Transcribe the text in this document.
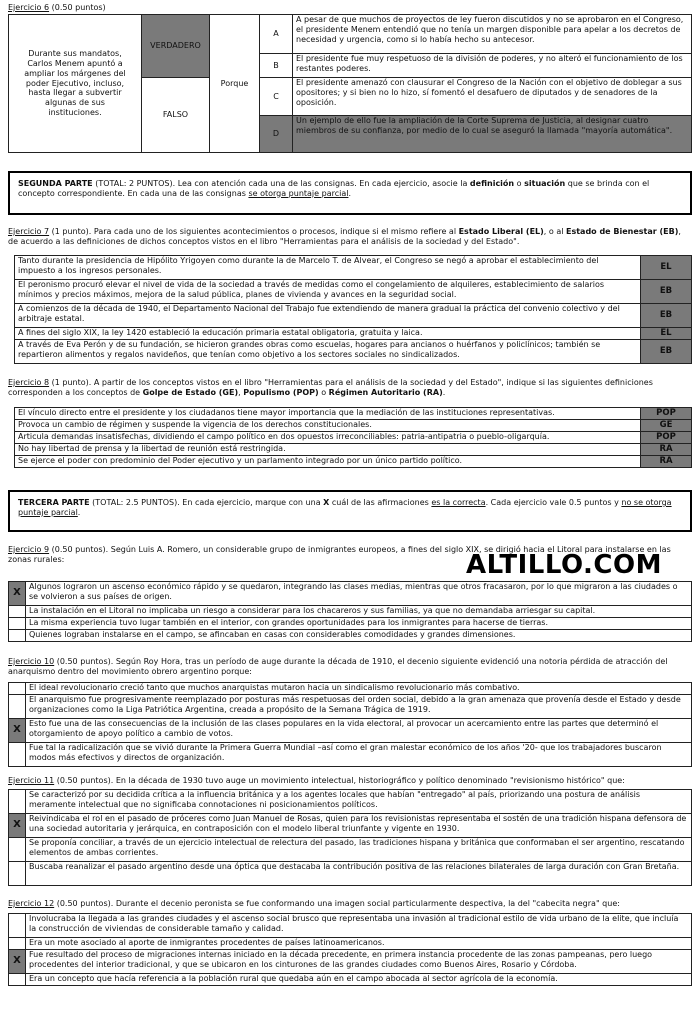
Ejercicio 6 (0.50 puntos)
Durante sus mandatos, Carlos Menem apuntó a ampliar los márgenes del poder Ejecutivo, incluso, hasta llegar a subvertir algunas de sus instituciones.	VERDADERO	Porque	A	A pesar de que muchos de proyectos de ley fueron discutidos y no se aprobaron en el Congreso, el presidente Menem entendió que no tenía un margen disponible para apelar a los decretos de necesidad y urgencia, como si lo había hecho su antecesor.
			B	El presidente fue muy respetuoso de la división de poderes, y no alteró el funcionamiento de los restantes poderes.
	FALSO		C	El presidente amenazó con clausurar el Congreso de la Nación con el objetivo de doblegar a sus opositores; y si bien no lo hizo, sí fomentó el desafuero de diputados y de senadores de la oposición.
			D	Un ejemplo de ello fue la ampliación de la Corte Suprema de Justicia, al designar cuatro miembros de su confianza, por medio de lo cual se aseguró la llamada "mayoría automática".
SEGUNDA PARTE (TOTAL: 2 PUNTOS). Lea con atención cada una de las consignas. En cada ejercicio, asocie la definición o situación que se brinda con el concepto correspondiente. En cada una de las consignas se otorga puntaje parcial.
Ejercicio 7 (1 punto). Para cada uno de los siguientes acontecimientos o procesos, indique si el mismo refiere al Estado Liberal (EL), o al Estado de Bienestar (EB), de acuerdo a las definiciones de dichos conceptos vistos en el libro "Herramientas para el análisis de la sociedad y del Estado".
Tanto durante la presidencia de Hipólito Yrigoyen como durante la de Marcelo T. de Alvear, el Congreso se negó a aprobar el establecimiento del impuesto a los ingresos personales.	EL
El peronismo procuró elevar el nivel de vida de la sociedad a través de medidas como el congelamiento de alquileres, establecimiento de salarios mínimos y precios máximos, mejora de la salud pública, planes de vivienda y avances en la seguridad social.	EB
A comienzos de la década de 1940, el Departamento Nacional del Trabajo fue extendiendo de manera gradual la práctica del convenio colectivo y del arbitraje estatal.	EB
A fines del siglo XIX, la ley 1420 estableció la educación primaria estatal obligatoria, gratuita y laica.	EL
A través de Eva Perón y de su fundación, se hicieron grandes obras como escuelas, hogares para ancianos o huérfanos y policlínicos; también se repartieron alimentos y regalos navideños, que tenían como objetivo a los sectores sociales no sindicalizados.	EB
Ejercicio 8 (1 punto). A partir de los conceptos vistos en el libro "Herramientas para el análisis de la sociedad y del Estado", indique si las siguientes definiciones corresponden a los conceptos de Golpe de Estado (GE), Populismo (POP) o Régimen Autoritario (RA).
El vínculo directo entre el presidente y los ciudadanos tiene mayor importancia que la mediación de las instituciones representativas.	POP
Provoca un cambio de régimen y suspende la vigencia de los derechos constitucionales.	GE
Articula demandas insatisfechas, dividiendo el campo político en dos opuestos irreconciliables: patria-antipatria o pueblo-oligarquía.	POP
No hay libertad de prensa y la libertad de reunión está restringida.	RA
Se ejerce el poder con predominio del Poder ejecutivo y un parlamento integrado por un único partido político.	RA
TERCERA PARTE (TOTAL: 2.5 PUNTOS). En cada ejercicio, marque con una X cuál de las afirmaciones es la correcta. Cada ejercicio vale 0.5 puntos y no se otorga puntaje parcial.
Ejercicio 9 (0.50 puntos). Según Luis A. Romero, un considerable grupo de inmigrantes europeos, a fines del siglo XIX, se dirigió hacia el Litoral para instalarse en las zonas rurales:	ALTILLO.COM
X	Algunos lograron un ascenso económico rápido y se quedaron, integrando las clases medias, mientras que otros fracasaron, por lo que migraron a las ciudades o se volvieron a sus países de origen.
	La instalación en el Litoral no implicaba un riesgo a considerar para los chacareros y sus familias, ya que no demandaba arriesgar su capital.
	La misma experiencia tuvo lugar también en el interior, con grandes oportunidades para los inmigrantes para hacerse de tierras.
	Quienes lograban instalarse en el campo, se afincaban en casas con considerables comodidades y grandes dimensiones.
Ejercicio 10 (0.50 puntos). Según Roy Hora, tras un período de auge durante la década de 1910, el decenio siguiente evidenció una notoria pérdida de atracción del anarquismo dentro del movimiento obrero argentino porque:
	El ideal revolucionario creció tanto que muchos anarquistas mutaron hacia un sindicalismo revolucionario más combativo.
	El anarquismo fue progresivamente reemplazado por posturas más respetuosas del orden social, debido a la gran amenaza que provenía desde el Estado y desde organizaciones como la Liga Patriótica Argentina, creada a propósito de la Semana Trágica de 1919.
X	Esto fue una de las consecuencias de la inclusión de las clases populares en la vida electoral, al provocar un acercamiento entre las partes que determinó el otorgamiento de apoyo político a cambio de votos.
	Fue tal la radicalización que se vivió durante la Primera Guerra Mundial –así como el gran malestar económico de los años '20- que los trabajadores buscaron modos más efectivos y directos de organización.
Ejercicio 11 (0.50 puntos). En la década de 1930 tuvo auge un movimiento intelectual, historiográfico y político denominado "revisionismo histórico" que:
	Se caracterizó por su decidida crítica a la influencia británica y a los agentes locales que habían "entregado" al país, priorizando una postura de análisis meramente intelectual que no significaba connotaciones ni posicionamientos políticos.
X	Reivindicaba el rol en el pasado de próceres como Juan Manuel de Rosas, quien para los revisionistas representaba el sostén de una tradición hispana defensora de una sociedad autoritaria y jerárquica, en contraposición con el modelo liberal triunfante y vigente en 1930.
	Se proponía conciliar, a través de un ejercicio intelectual de relectura del pasado, las tradiciones hispana y británica que conformaban el ser argentino, rescatando elementos de ambas corrientes.
	Buscaba reanalizar el pasado argentino desde una óptica que destacaba la contribución positiva de las relaciones bilaterales de larga duración con Gran Bretaña.
Ejercicio 12 (0.50 puntos). Durante el decenio peronista se fue conformando una imagen social particularmente despectiva, la del "cabecita negra" que:
	Involucraba la llegada a las grandes ciudades y el ascenso social brusco que representaba una invasión al tradicional estilo de vida urbano de la elite, que incluía la construcción de viviendas de considerable tamaño y calidad.
	Era un mote asociado al aporte de inmigrantes procedentes de países latinoamericanos.
X	Fue resultado del proceso de migraciones internas iniciado en la década precedente, en primera instancia procedente de las zonas pampeanas, pero luego procedentes del interior tradicional, y que se ubicaron en los cinturones de las grandes ciudades como Buenos Aires, Rosario y Córdoba.
	Era un concepto que hacía referencia a la población rural que quedaba aún en el campo abocada al sector agrícola de la economía.
